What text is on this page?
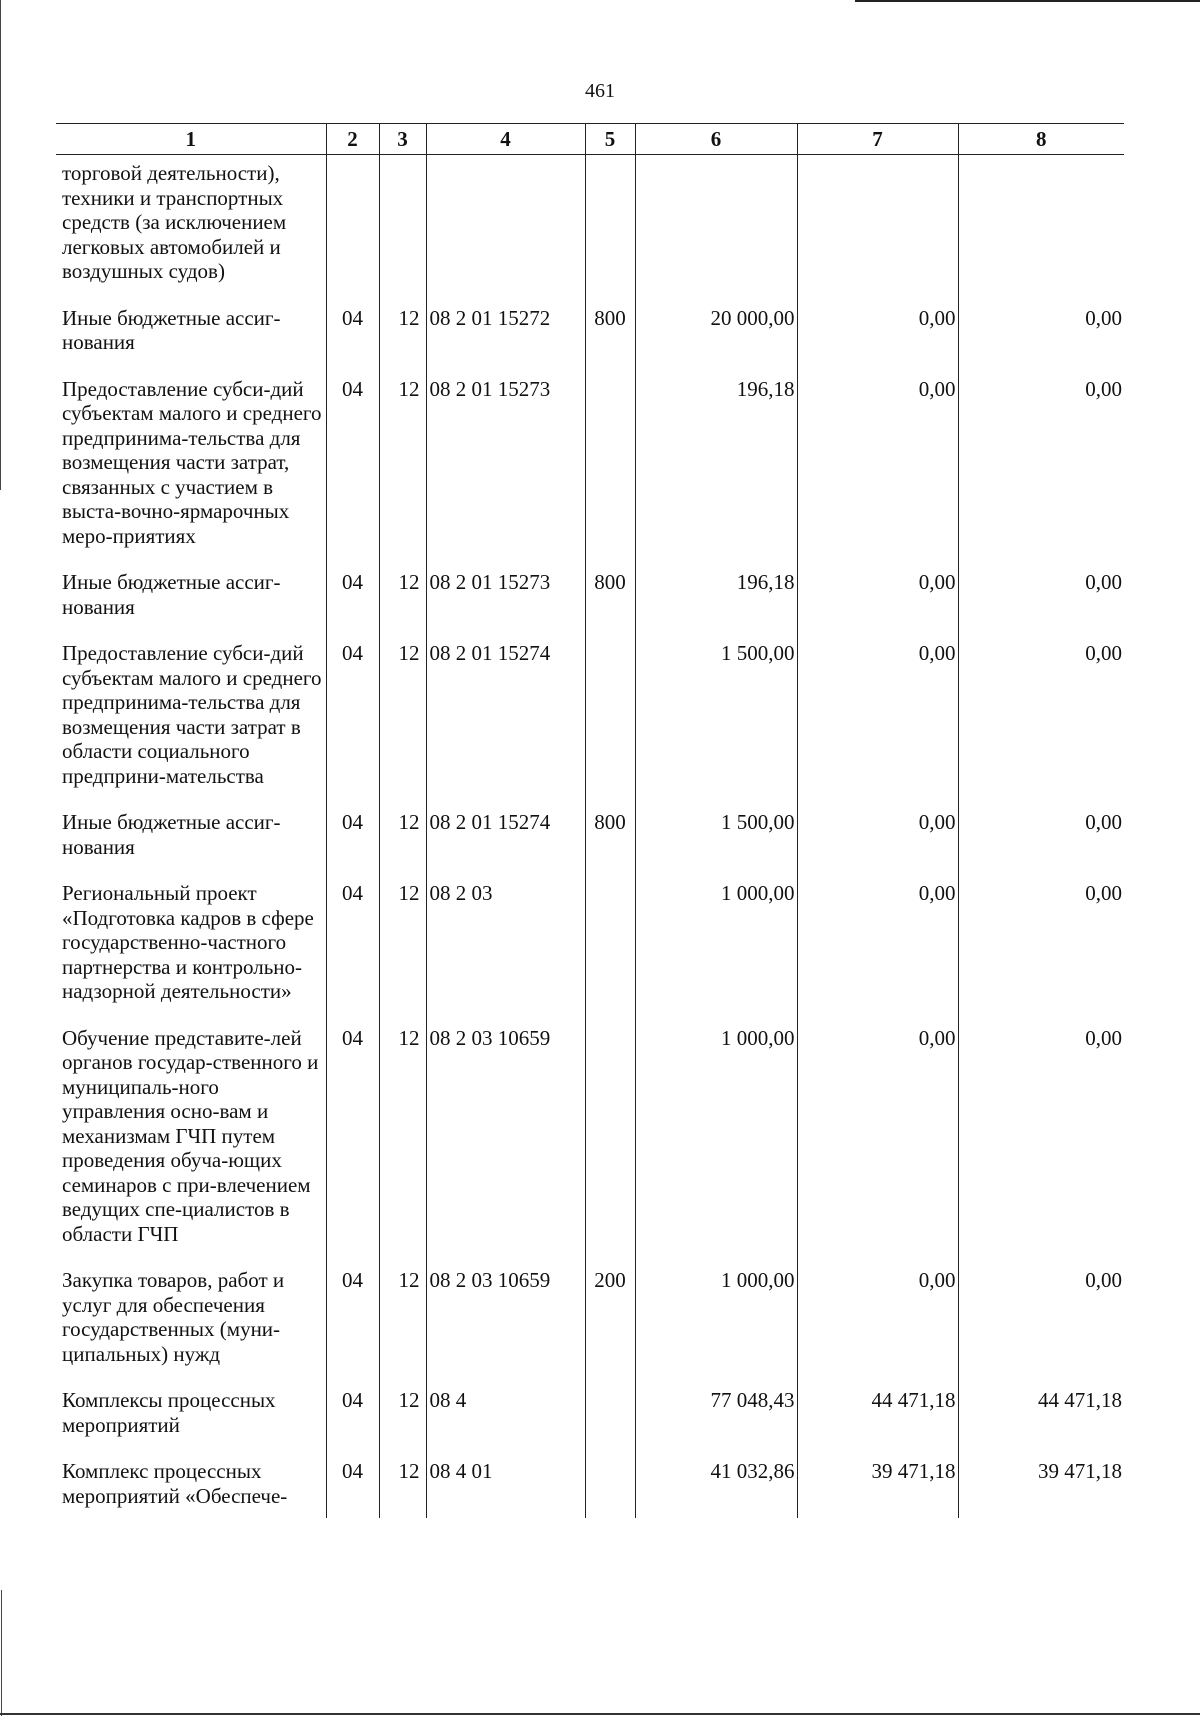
461
1	2	3	4	5	6	7	8
торговой деятельности), техники и транспортных средств (за исключением легковых автомобилей и воздушных судов)							
Иные бюджетные ассиг-нования	04	12	08 2 01 15272	800	20 000,00	0,00	0,00
Предоставление субси-дий субъектам малого и среднего предпринима-тельства для возмещения части затрат, связанных с участием в выста-вочно-ярмарочных меро-приятиях	04	12	08 2 01 15273		196,18	0,00	0,00
Иные бюджетные ассиг-нования	04	12	08 2 01 15273	800	196,18	0,00	0,00
Предоставление субси-дий субъектам малого и среднего предпринима-тельства для возмещения части затрат в области социального предприни-мательства	04	12	08 2 01 15274		1 500,00	0,00	0,00
Иные бюджетные ассиг-нования	04	12	08 2 01 15274	800	1 500,00	0,00	0,00
Региональный проект «Подготовка кадров в сфере государственно-частного партнерства и контрольно-надзорной деятельности»	04	12	08 2 03		1 000,00	0,00	0,00
Обучение представите-лей органов государ-ственного и муниципаль-ного управления осно-вам и механизмам ГЧП путем проведения обуча-ющих семинаров с при-влечением ведущих спе-циалистов в области ГЧП	04	12	08 2 03 10659		1 000,00	0,00	0,00
Закупка товаров, работ и услуг для обеспечения государственных (муни-ципальных) нужд	04	12	08 2 03 10659	200	1 000,00	0,00	0,00
Комплексы процессных мероприятий	04	12	08 4		77 048,43	44 471,18	44 471,18
Комплекс процессных мероприятий «Обеспече-	04	12	08 4 01		41 032,86	39 471,18	39 471,18
